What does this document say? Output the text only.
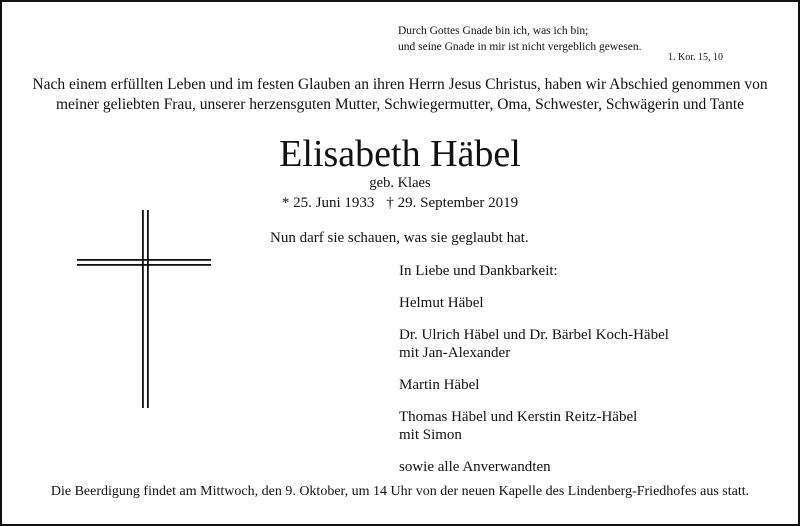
Durch Gottes Gnade bin ich, was ich bin;
und seine Gnade in mir ist nicht vergeblich gewesen.
1. Kor. 15, 10
Nach einem erfüllten Leben und im festen Glauben an ihren Herrn Jesus Christus, haben wir Abschied genommen von
meiner geliebten Frau, unserer herzensguten Mutter, Schwiegermutter, Oma, Schwester, Schwägerin und Tante
Elisabeth Häbel
geb. Klaes
* 25. Juni 1933 † 29. September 2019
Nun darf sie schauen, was sie geglaubt hat.
In Liebe und Dankbarkeit:
Helmut Häbel
Dr. Ulrich Häbel und Dr. Bärbel Koch-Häbel
mit Jan-Alexander
Martin Häbel
Thomas Häbel und Kerstin Reitz-Häbel
mit Simon
sowie alle Anverwandten
Die Beerdigung findet am Mittwoch, den 9. Oktober, um 14 Uhr von der neuen Kapelle des Lindenberg-Friedhofes aus statt.
